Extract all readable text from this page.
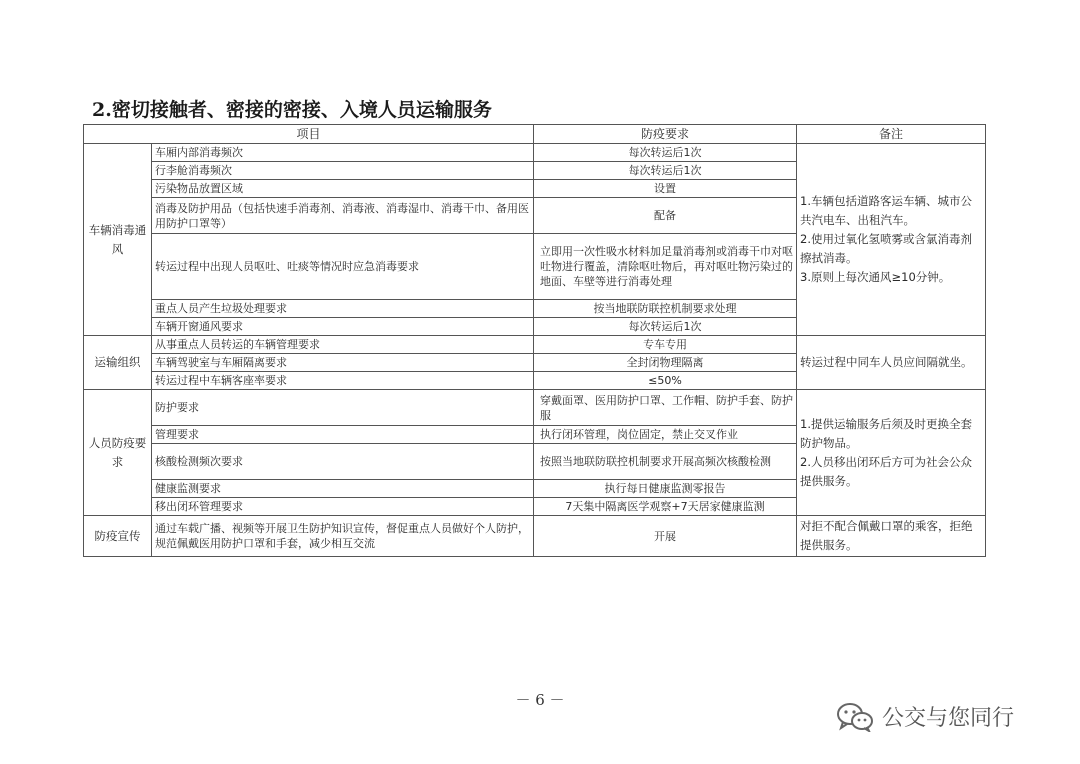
2.密切接触者、密接的密接、入境人员运输服务
项目		防疫要求	备注
车辆消毒通风	车厢内部消毒频次	每次转运后1次	1.车辆包括道路客运车辆、城市公共汽电车、出租汽车。
2.使用过氧化氢喷雾或含氯消毒剂擦拭消毒。
3.原则上每次通风≥10分钟。
	行李舱消毒频次	每次转运后1次	
	污染物品放置区域	设置	
	消毒及防护用品（包括快速手消毒剂、消毒液、消毒湿巾、消毒干巾、备用医用防护口罩等）	配备	
	转运过程中出现人员呕吐、吐痰等情况时应急消毒要求	立即用一次性吸水材料加足量消毒剂或消毒干巾对呕吐物进行覆盖，清除呕吐物后，再对呕吐物污染过的地面、车壁等进行消毒处理	
	重点人员产生垃圾处理要求	按当地联防联控机制要求处理	
	车辆开窗通风要求	每次转运后1次	
运输组织	从事重点人员转运的车辆管理要求	专车专用	转运过程中同车人员应间隔就坐。
	车辆驾驶室与车厢隔离要求	全封闭物理隔离	
	转运过程中车辆客座率要求	≤50%	
人员防疫要求	防护要求	穿戴面罩、医用防护口罩、工作帽、防护手套、防护服	1.提供运输服务后须及时更换全套防护物品。
2.人员移出闭环后方可为社会公众提供服务。
	管理要求	执行闭环管理，岗位固定，禁止交叉作业	
	核酸检测频次要求	按照当地联防联控机制要求开展高频次核酸检测	
	健康监测要求	执行每日健康监测零报告	
	移出闭环管理要求	7天集中隔离医学观察+7天居家健康监测	
防疫宣传	通过车载广播、视频等开展卫生防护知识宣传，督促重点人员做好个人防护，规范佩戴医用防护口罩和手套，减少相互交流	开展	对拒不配合佩戴口罩的乘客，拒绝提供服务。
－ 6 －
公交与您同行
